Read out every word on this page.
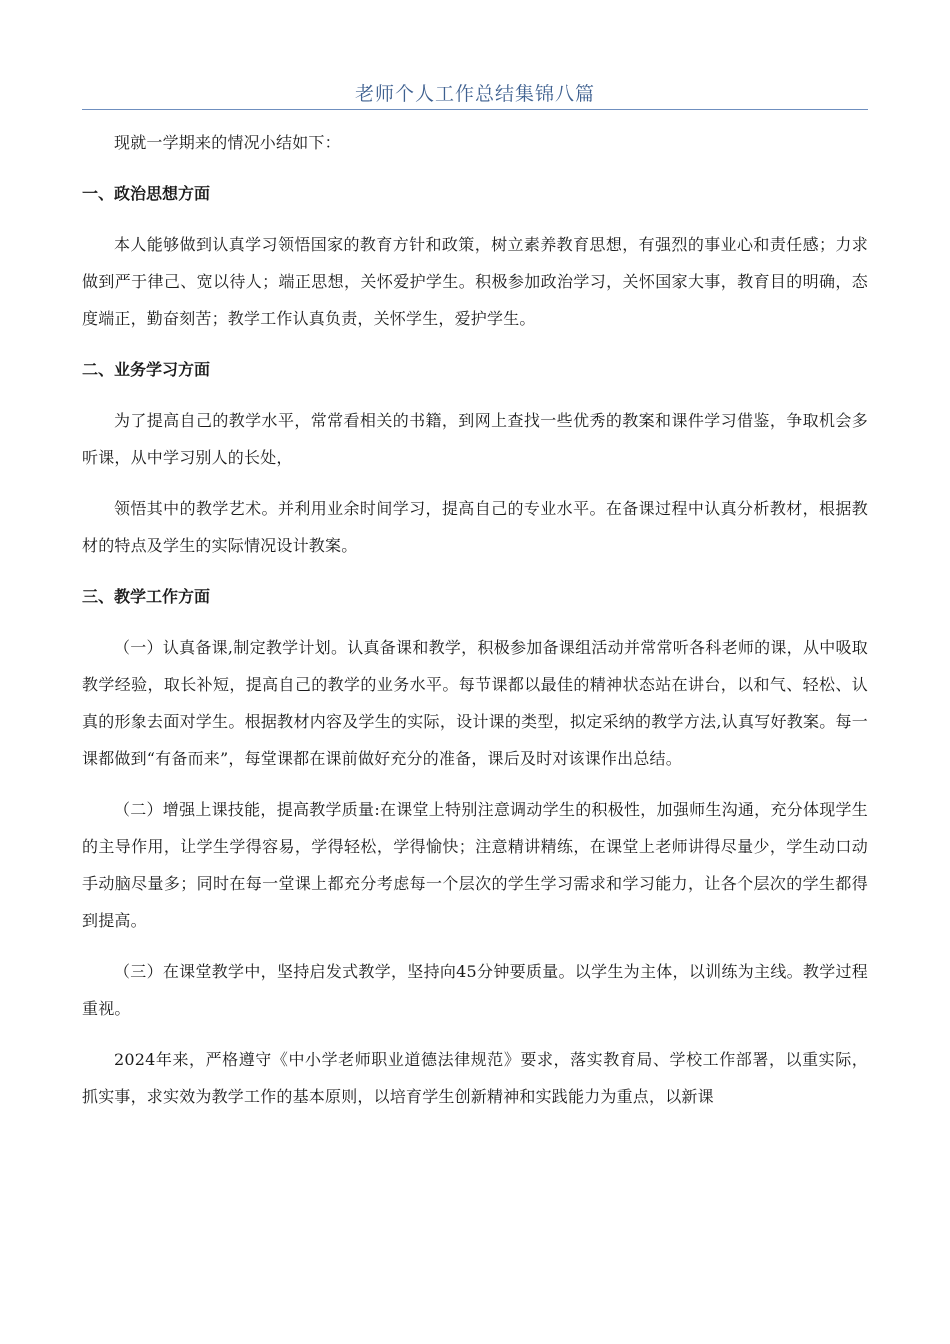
老师个人工作总结集锦八篇

现就一学期来的情况小结如下：

一、政治思想方面

本人能够做到认真学习领悟国家的教育方针和政策，树立素养教育思想，有强烈的事业心和责任感；力求做到严于律己、宽以待人；端正思想，关怀爱护学生。积极参加政治学习，关怀国家大事，教育目的明确，态度端正，勤奋刻苦；教学工作认真负责，关怀学生，爱护学生。

二、业务学习方面

为了提高自己的教学水平，常常看相关的书籍，到网上查找一些优秀的教案和课件学习借鉴，争取机会多听课，从中学习别人的长处，

领悟其中的教学艺术。并利用业余时间学习，提高自己的专业水平。在备课过程中认真分析教材，根据教材的特点及学生的实际情况设计教案。

三、教学工作方面

（一）认真备课,制定教学计划。认真备课和教学，积极参加备课组活动并常常听各科老师的课，从中吸取教学经验，取长补短，提高自己的教学的业务水平。每节课都以最佳的精神状态站在讲台，以和气、轻松、认真的形象去面对学生。根据教材内容及学生的实际，设计课的类型，拟定采纳的教学方法,认真写好教案。每一课都做到“有备而来”，每堂课都在课前做好充分的准备，课后及时对该课作出总结。

（二）增强上课技能，提高教学质量:在课堂上特别注意调动学生的积极性，加强师生沟通，充分体现学生的主导作用，让学生学得容易，学得轻松，学得愉快；注意精讲精练，在课堂上老师讲得尽量少，学生动口动手动脑尽量多；同时在每一堂课上都充分考虑每一个层次的学生学习需求和学习能力，让各个层次的学生都得到提高。

（三）在课堂教学中，坚持启发式教学，坚持向45分钟要质量。以学生为主体，以训练为主线。教学过程重视。

2024年来，严格遵守《中小学老师职业道德法律规范》要求，落实教育局、学校工作部署，以重实际，抓实事，求实效为教学工作的基本原则，以培育学生创新精神和实践能力为重点，以新课
